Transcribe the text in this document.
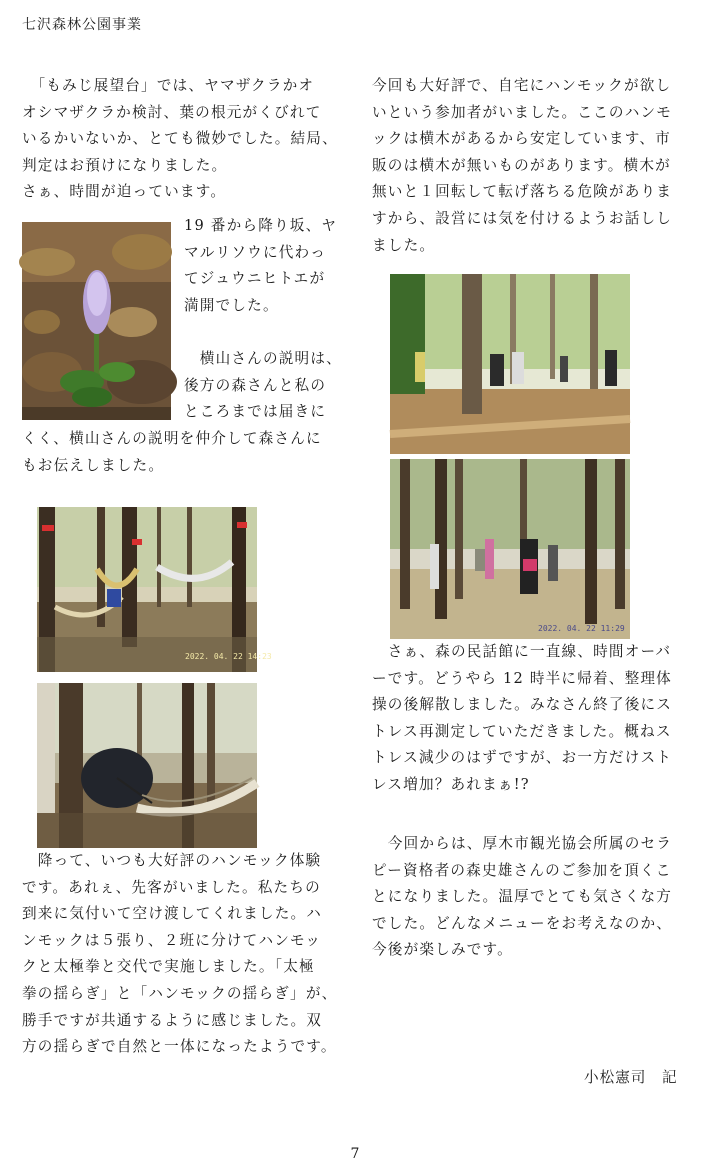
七沢森林公園事業
　「もみじ展望台」では、ヤマザクラかオ
オシマザクラか検討、葉の根元がくびれて
いるかいないか、とても微妙でした。結局、
判定はお預けになりました。
さぁ、時間が迫っています。
19 番から降り坂、ヤ
マルリソウに代わっ
てジュウニヒトエが
満開でした。
　横山さんの説明は、
後方の森さんと私の
ところまでは届きに
くく、横山さんの説明を仲介して森さんに
もお伝えしました。
2022. 04. 22 14:23
　降って、いつも大好評のハンモック体験
です。あれぇ、先客がいました。私たちの
到来に気付いて空け渡してくれました。ハ
ンモックは５張り、２班に分けてハンモッ
クと太極拳と交代で実施しました。「太極
拳の揺らぎ」と「ハンモックの揺らぎ」が、
勝手ですが共通するように感じました。双
方の揺らぎで自然と一体になったようです。
今回も大好評で、自宅にハンモックが欲し
いという参加者がいました。ここのハンモ
ックは横木があるから安定しています、市
販のは横木が無いものがあります。横木が
無いと１回転して転げ落ちる危険がありま
すから、設営には気を付けるようお話しし
ました。
2022. 04. 22 11:29
　さぁ、森の民話館に一直線、時間オーバ
ーです。どうやら 12 時半に帰着、整理体
操の後解散しました。みなさん終了後にス
トレス再測定していただきました。概ねス
トレス減少のはずですが、お一方だけスト
レス増加？あれまぁ!?
　今回からは、厚木市観光協会所属のセラ
ピー資格者の森史雄さんのご参加を頂くこ
とになりました。温厚でとても気さくな方
でした。どんなメニューをお考えなのか、
今後が楽しみです。
小松憲司　記
7
